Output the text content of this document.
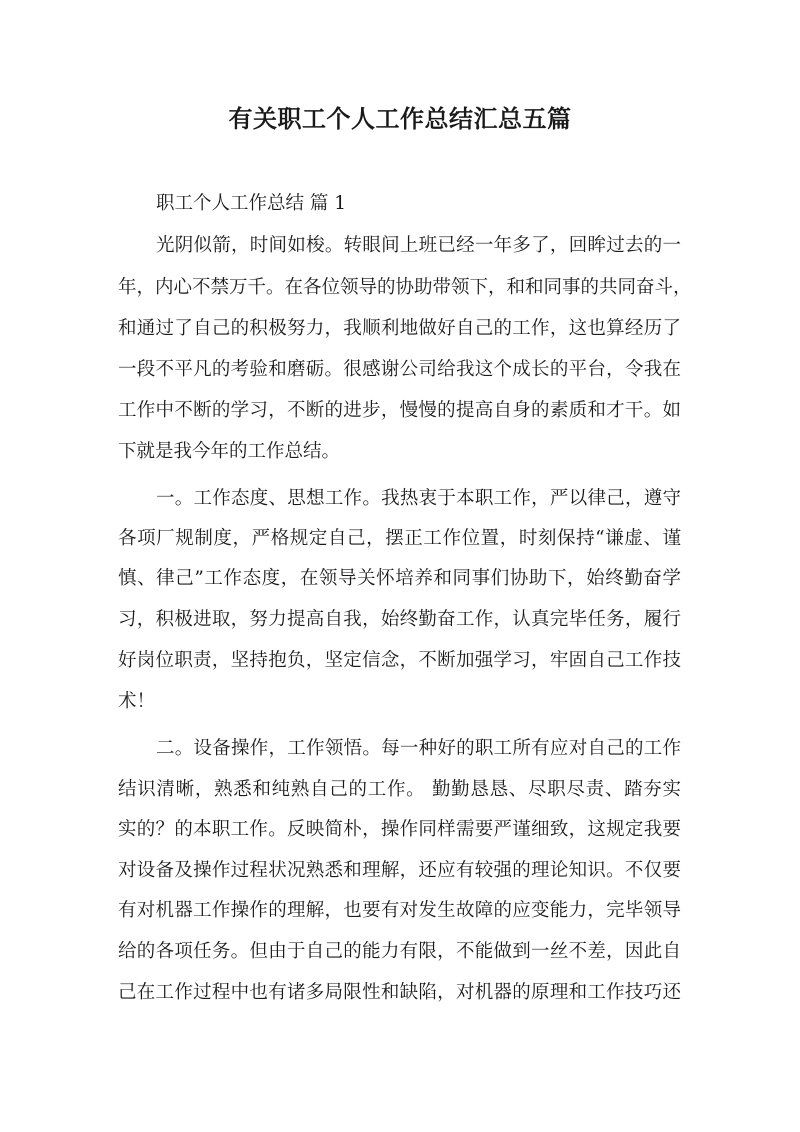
有关职工个人工作总结汇总五篇

职工个人工作总结 篇 1

光阴似箭，时间如梭。转眼间上班已经一年多了，回眸过去的一

年，内心不禁万千。在各位领导的协助带领下，和和同事的共同奋斗，

和通过了自己的积极努力，我顺利地做好自己的工作，这也算经历了

一段不平凡的考验和磨砺。很感谢公司给我这个成长的平台，令我在

工作中不断的学习，不断的进步，慢慢的提高自身的素质和才干。如

下就是我今年的工作总结。

一。工作态度、思想工作。我热衷于本职工作，严以律己，遵守

各项厂规制度，严格规定自己，摆正工作位置，时刻保持“谦虚、谨

慎、律己”工作态度，在领导关怀培养和同事们协助下，始终勤奋学

习，积极进取，努力提高自我，始终勤奋工作，认真完毕任务，履行

好岗位职责，坚持抱负，坚定信念，不断加强学习，牢固自己工作技

术！

二。设备操作，工作领悟。每一种好的职工所有应对自己的工作

结识清晰，熟悉和纯熟自己的工作。 勤勤恳恳、尽职尽责、踏夯实

实的？的本职工作。反映简朴，操作同样需要严谨细致，这规定我要

对设备及操作过程状况熟悉和理解，还应有较强的理论知识。不仅要

有对机器工作操作的理解，也要有对发生故障的应变能力，完毕领导

给的各项任务。但由于自己的能力有限，不能做到一丝不差，因此自

己在工作过程中也有诸多局限性和缺陷，对机器的原理和工作技巧还
